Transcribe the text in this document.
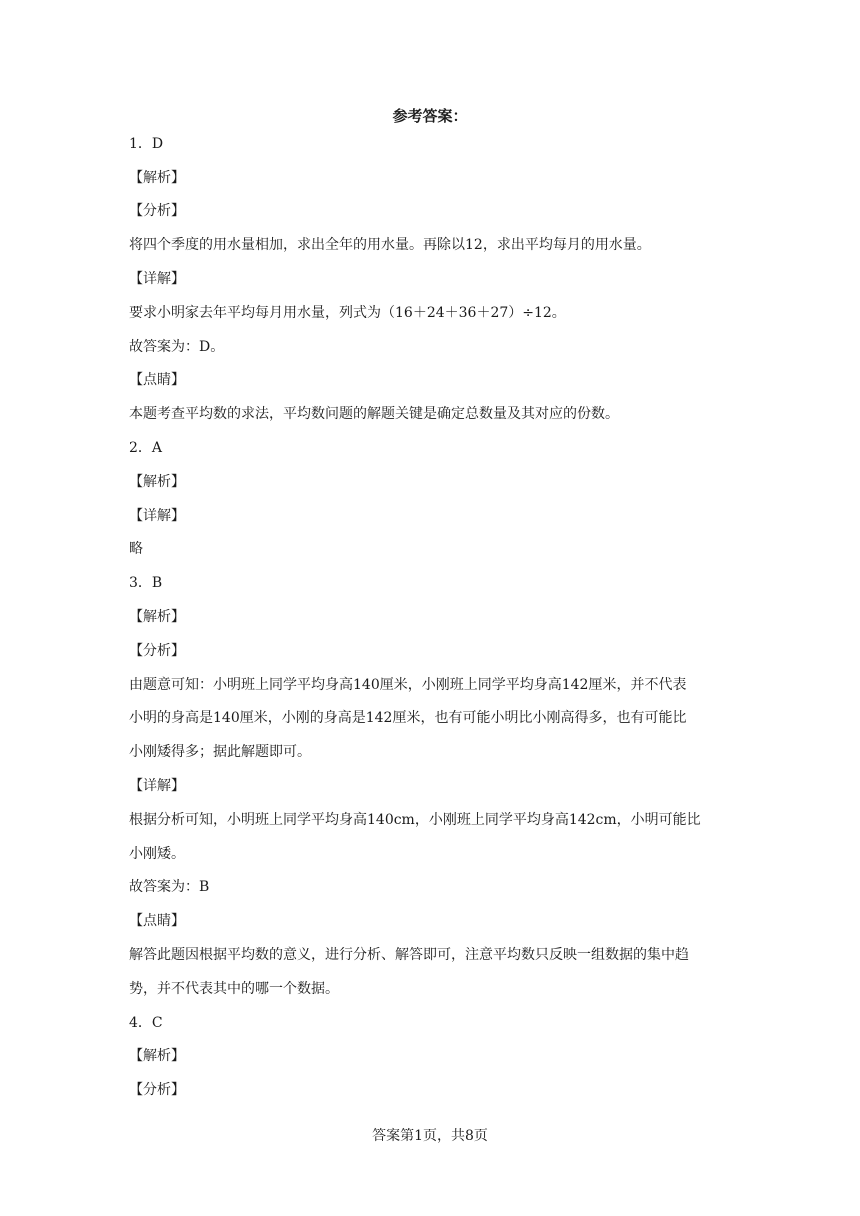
参考答案：
1．D
【解析】
【分析】
将四个季度的用水量相加，求出全年的用水量。再除以12，求出平均每月的用水量。
【详解】
要求小明家去年平均每月用水量，列式为（16＋24＋36＋27）÷12。
故答案为：D。
【点睛】
本题考查平均数的求法，平均数问题的解题关键是确定总数量及其对应的份数。
2．A
【解析】
【详解】
略
3．B
【解析】
【分析】
由题意可知：小明班上同学平均身高140厘米，小刚班上同学平均身高142厘米，并不代表
小明的身高是140厘米，小刚的身高是142厘米，也有可能小明比小刚高得多，也有可能比
小刚矮得多；据此解题即可。
【详解】
根据分析可知，小明班上同学平均身高140cm，小刚班上同学平均身高142cm，小明可能比
小刚矮。
故答案为：B
【点睛】
解答此题因根据平均数的意义，进行分析、解答即可，注意平均数只反映一组数据的集中趋
势，并不代表其中的哪一个数据。
4．C
【解析】
【分析】
答案第1页，共8页
